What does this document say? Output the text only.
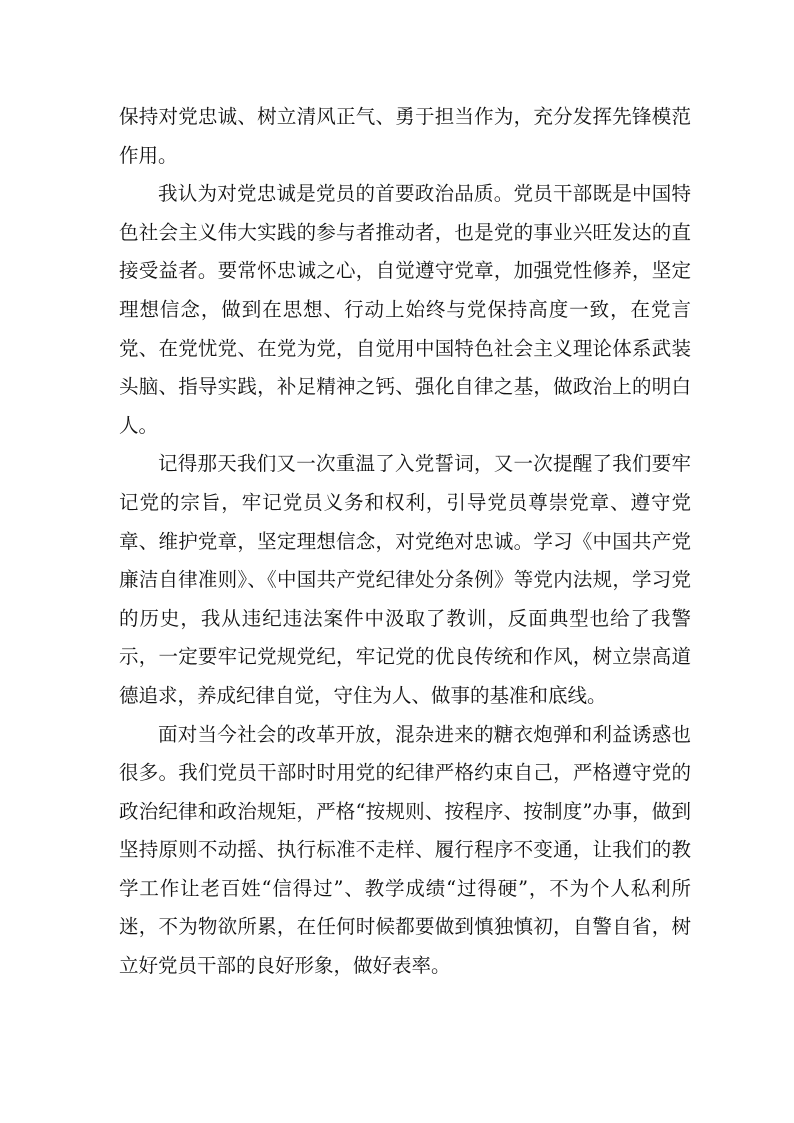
保持对党忠诚、树立清风正气、勇于担当作为，充分发挥先锋模范作用。

我认为对党忠诚是党员的首要政治品质。党员干部既是中国特色社会主义伟大实践的参与者推动者，也是党的事业兴旺发达的直接受益者。要常怀忠诚之心，自觉遵守党章，加强党性修养，坚定理想信念，做到在思想、行动上始终与党保持高度一致，在党言党、在党忧党、在党为党，自觉用中国特色社会主义理论体系武装头脑、指导实践，补足精神之钙、强化自律之基，做政治上的明白人。

记得那天我们又一次重温了入党誓词，又一次提醒了我们要牢记党的宗旨，牢记党员义务和权利，引导党员尊崇党章、遵守党章、维护党章，坚定理想信念，对党绝对忠诚。学习《中国共产党廉洁自律准则》、《中国共产党纪律处分条例》等党内法规，学习党的历史，我从违纪违法案件中汲取了教训，反面典型也给了我警示，一定要牢记党规党纪，牢记党的优良传统和作风，树立崇高道德追求，养成纪律自觉，守住为人、做事的基准和底线。

面对当今社会的改革开放，混杂进来的糖衣炮弹和利益诱惑也很多。我们党员干部时时用党的纪律严格约束自己，严格遵守党的政治纪律和政治规矩，严格“按规则、按程序、按制度”办事，做到坚持原则不动摇、执行标准不走样、履行程序不变通，让我们的教学工作让老百姓“信得过”、教学成绩“过得硬”，不为个人私利所迷，不为物欲所累，在任何时候都要做到慎独慎初，自警自省，树立好党员干部的良好形象，做好表率。
